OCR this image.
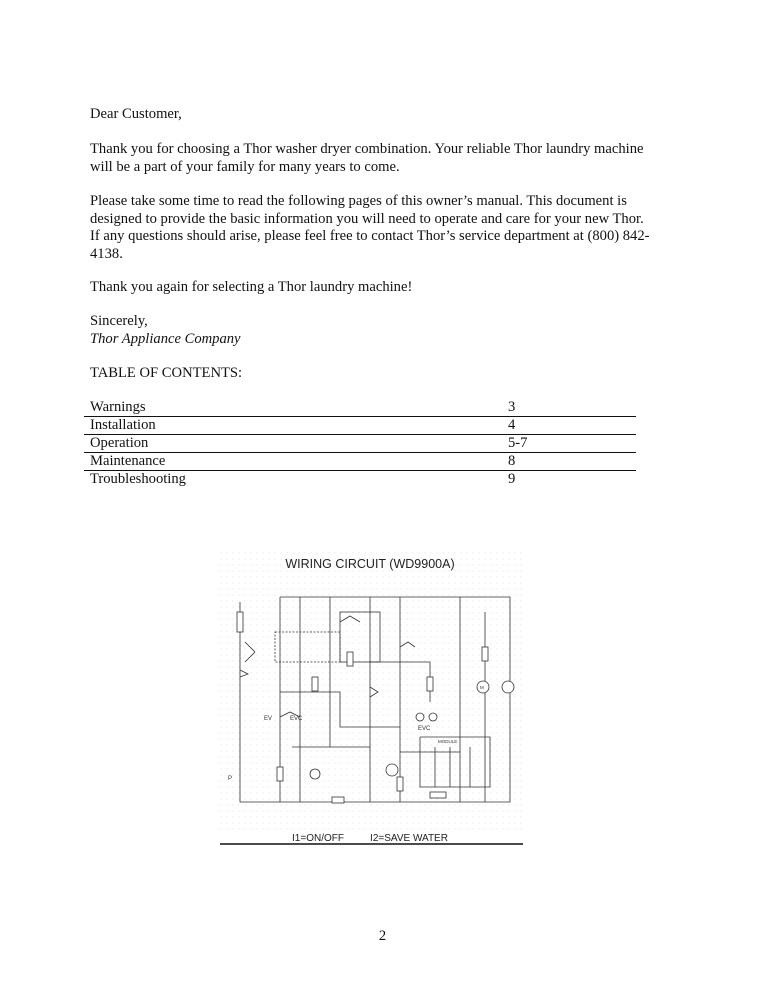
Dear Customer,

Thank you for choosing a Thor washer dryer combination. Your reliable Thor laundry machine

will be a part of your family for many years to come.

Please take some time to read the following pages of this owner’s manual. This document is

designed to provide the basic information you will need to operate and care for your new Thor.

If any questions should arise, please feel free to contact Thor’s service department at (800) 842-

4138.

Thank you again for selecting a Thor laundry machine!

Sincerely,

Thor Appliance Company

TABLE OF CONTENTS:

Warnings	3
Installation	4
Operation	5-7
Maintenance	8
Troubleshooting	9
WIRING CIRCUIT (WD9900A)
EV	EVC
EVC
MODULE
M
P
I1=ON/OFF	I2=SAVE WATER
2
